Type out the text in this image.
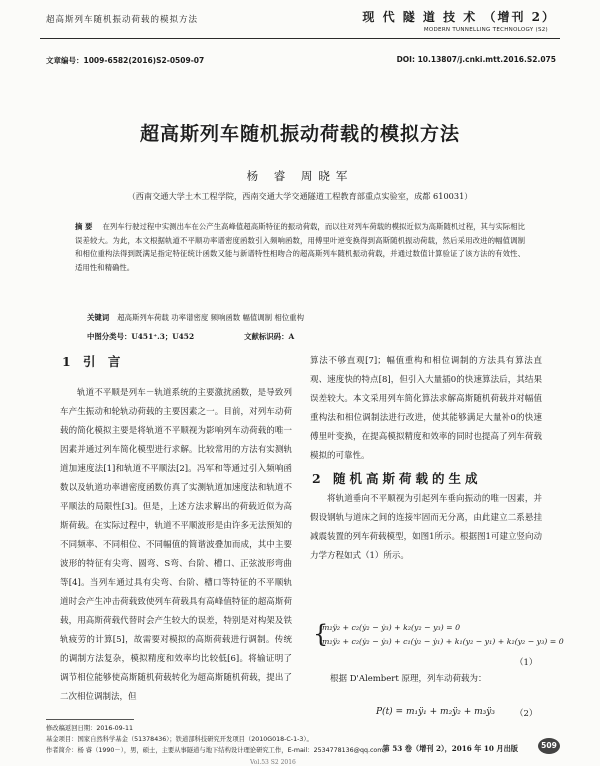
超高斯列车随机振动荷载的模拟方法	现 代 隧 道 技 术 （增刊 2）
MODERN TUNNELLING TECHNOLOGY (S2)
文章编号：1009-6582(2016)S2-0509-07	DOI: 10.13807/j.cnki.mtt.2016.S2.075
超高斯列车随机振动荷载的模拟方法
杨 睿 周晓军
（西南交通大学土木工程学院，西南交通大学交通隧道工程教育部重点实验室，成都 610031）
摘 要 在列车行驶过程中实测出车在公产生高峰值超高斯特征的振动荷载，而以往对列车荷载的模拟近似为高斯随机过程，其与实际相比误差较大。为此，本文根据轨道不平顺功率谱密度函数引入频响函数，用傅里叶逆变换得到高斯随机振动荷载，然后采用改进的幅值调制和相位重构法得到既满足指定特征统计函数又能与新谱特性相吻合的超高斯列车随机振动荷载，并通过数值计算验证了该方法的有效性、适用性和精确性。
关键词 超高斯列车荷载 功率谱密度 频响函数 幅值调制 相位重构
中图分类号：U451⁺.3；U452	文献标识码：A
1 引 言

轨道不平顺是列车－轨道系统的主要激扰函数，是导致列车产生振动和轮轨动荷载的主要因素之一。目前，对列车动荷载的简化模拟主要是将轨道不平顺视为影响列车动荷载的唯一因素并通过列车简化模型进行求解。比较常用的方法有实测轨道加速度法[1]和轨道不平顺法[2]。冯军和等通过引入频响函数以及轨道功率谱密度函数仿真了实测轨道加速度法和轨道不平顺法的局限性[3]。但是，上述方法求解出的荷载近似为高斯荷载。在实际过程中，轨道不平顺波形是由许多无法预知的不同频率、不同相位、不同幅值的简谐波叠加而成，其中主要波形的特征有尖弯、圆弯、S弯、台阶、槽口、正弦波形弯曲等[4]。当列车通过具有尖弯、台阶、槽口等特征的不平顺轨道时会产生冲击荷载致使列车荷载具有高峰值特征的超高斯荷载，用高斯荷载代替时会产生较大的误差，特别是对构架及铁轨疲劳的计算[5]，故需要对模拟的高斯荷载进行调制。传统的调制方法复杂，模拟精度和效率均比较低[6]。将输证明了调节相位能够使高斯随机荷载转化为超高斯随机荷载，提出了二次相位调制法，但

算法不够直观[7]；幅值重构和相位调制的方法具有算法直观、速度快的特点[8]，但引入大量插0的快速算法后，其结果误差较大。本文采用列车简化算法求解高斯随机荷载并对幅值重构法和相位调制法进行改进，使其能够满足大量补0的快速傅里叶变换，在提高模拟精度和效率的同时也提高了列车荷载模拟的可靠性。

2 随机高斯荷载的生成

将轨道垂向不平顺视为引起列车垂向振动的唯一因素，并假设钢轨与道床之间的连接牢固而无分离，由此建立二系悬挂减震装置的列车荷载模型，如图1所示。根据图1可建立竖向动力学方程如式（1）所示。

{
m₂ÿ₂ + c₂(ẏ₂ − ẏ₃) + k₂(y₂ − y₃) = 0
m₂ÿ₂ + c₂(ẏ₂ − ẏ₃) + c₁(ẏ₂ − ẏ₁) + k₁(y₂ − y₁) + k₂(y₂ − y₃) = 0
（1）
根据 D'Alembert 原理，列车动荷载为：
P(t) = m₁ÿ₁ + m₂ÿ₂ + m₃ÿ₃ （2）
修改稿返回日期：2016-09-11
基金项目：国家自然科学基金（51378436）；铁道部科技研究开发项目（2010G018-C-1-3）。
作者简介：杨 睿（1990－），男，硕士，主要从事隧道与地下结构设计理论研究工作，E-mail：2534778136@qq.com。
第 53 卷（增刊 2），2016 年 10 月出版	509
Vol.53 S2 2016
